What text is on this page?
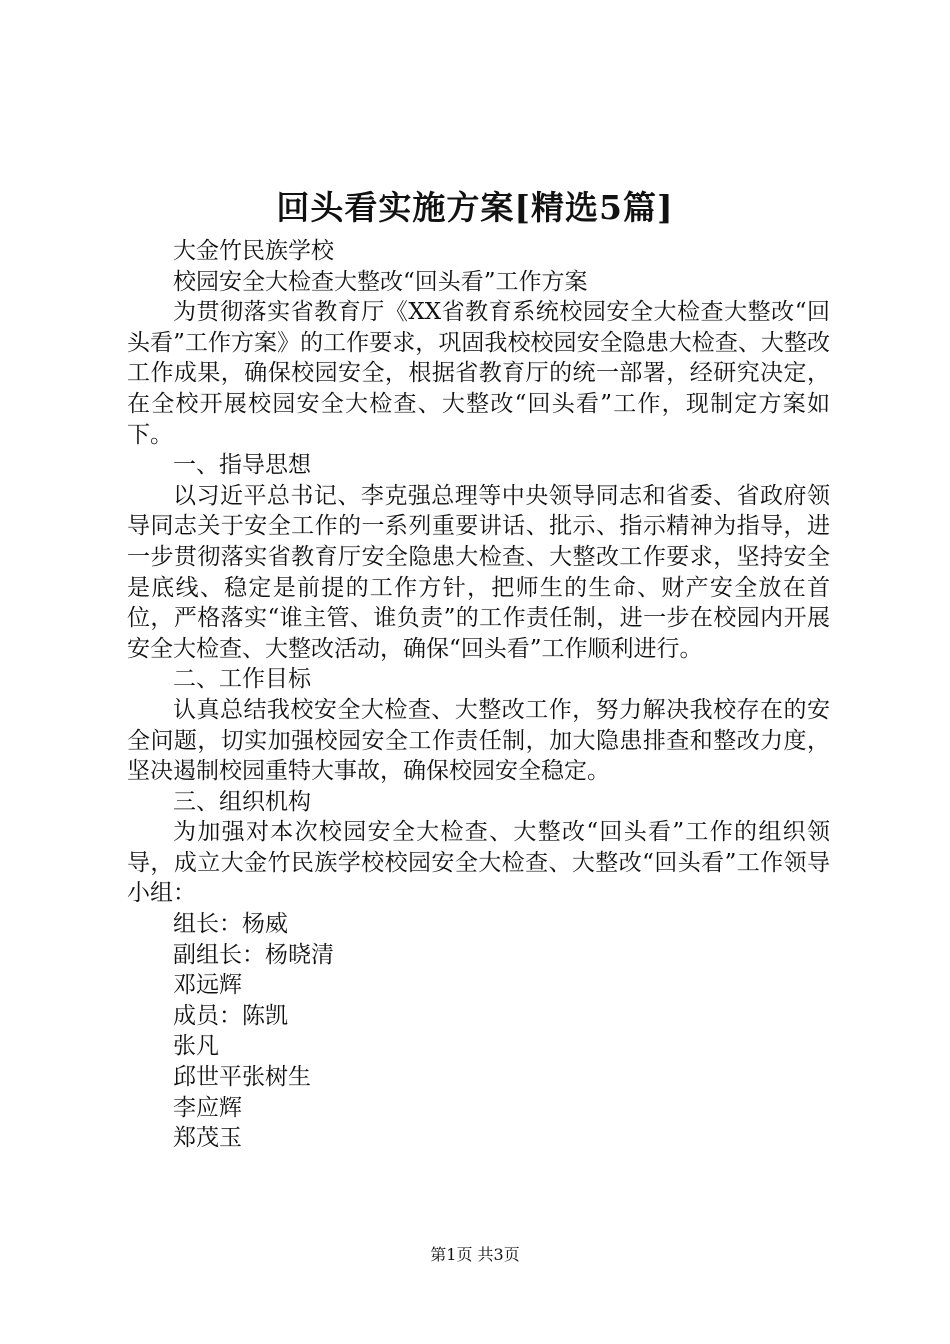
回头看实施方案[精选5篇]

大金竹民族学校

校园安全大检查大整改“回头看”工作方案

为贯彻落实省教育厅《XX省教育系统校园安全大检查大整改“回头看”工作方案》的工作要求，巩固我校校园安全隐患大检查、大整改工作成果，确保校园安全，根据省教育厅的统一部署，经研究决定，在全校开展校园安全大检查、大整改“回头看”工作，现制定方案如下。

一、指导思想

以习近平总书记、李克强总理等中央领导同志和省委、省政府领导同志关于安全工作的一系列重要讲话、批示、指示精神为指导，进一步贯彻落实省教育厅安全隐患大检查、大整改工作要求，坚持安全是底线、稳定是前提的工作方针，把师生的生命、财产安全放在首位，严格落实“谁主管、谁负责”的工作责任制，进一步在校园内开展安全大检查、大整改活动，确保“回头看”工作顺利进行。

二、工作目标

认真总结我校安全大检查、大整改工作，努力解决我校存在的安全问题，切实加强校园安全工作责任制，加大隐患排查和整改力度，坚决遏制校园重特大事故，确保校园安全稳定。

三、组织机构

为加强对本次校园安全大检查、大整改“回头看”工作的组织领导，成立大金竹民族学校校园安全大检查、大整改“回头看”工作领导小组：

组长：杨威

副组长：杨晓清

邓远辉

成员：陈凯

张凡

邱世平张树生

李应辉

郑茂玉

第1页 共3页
